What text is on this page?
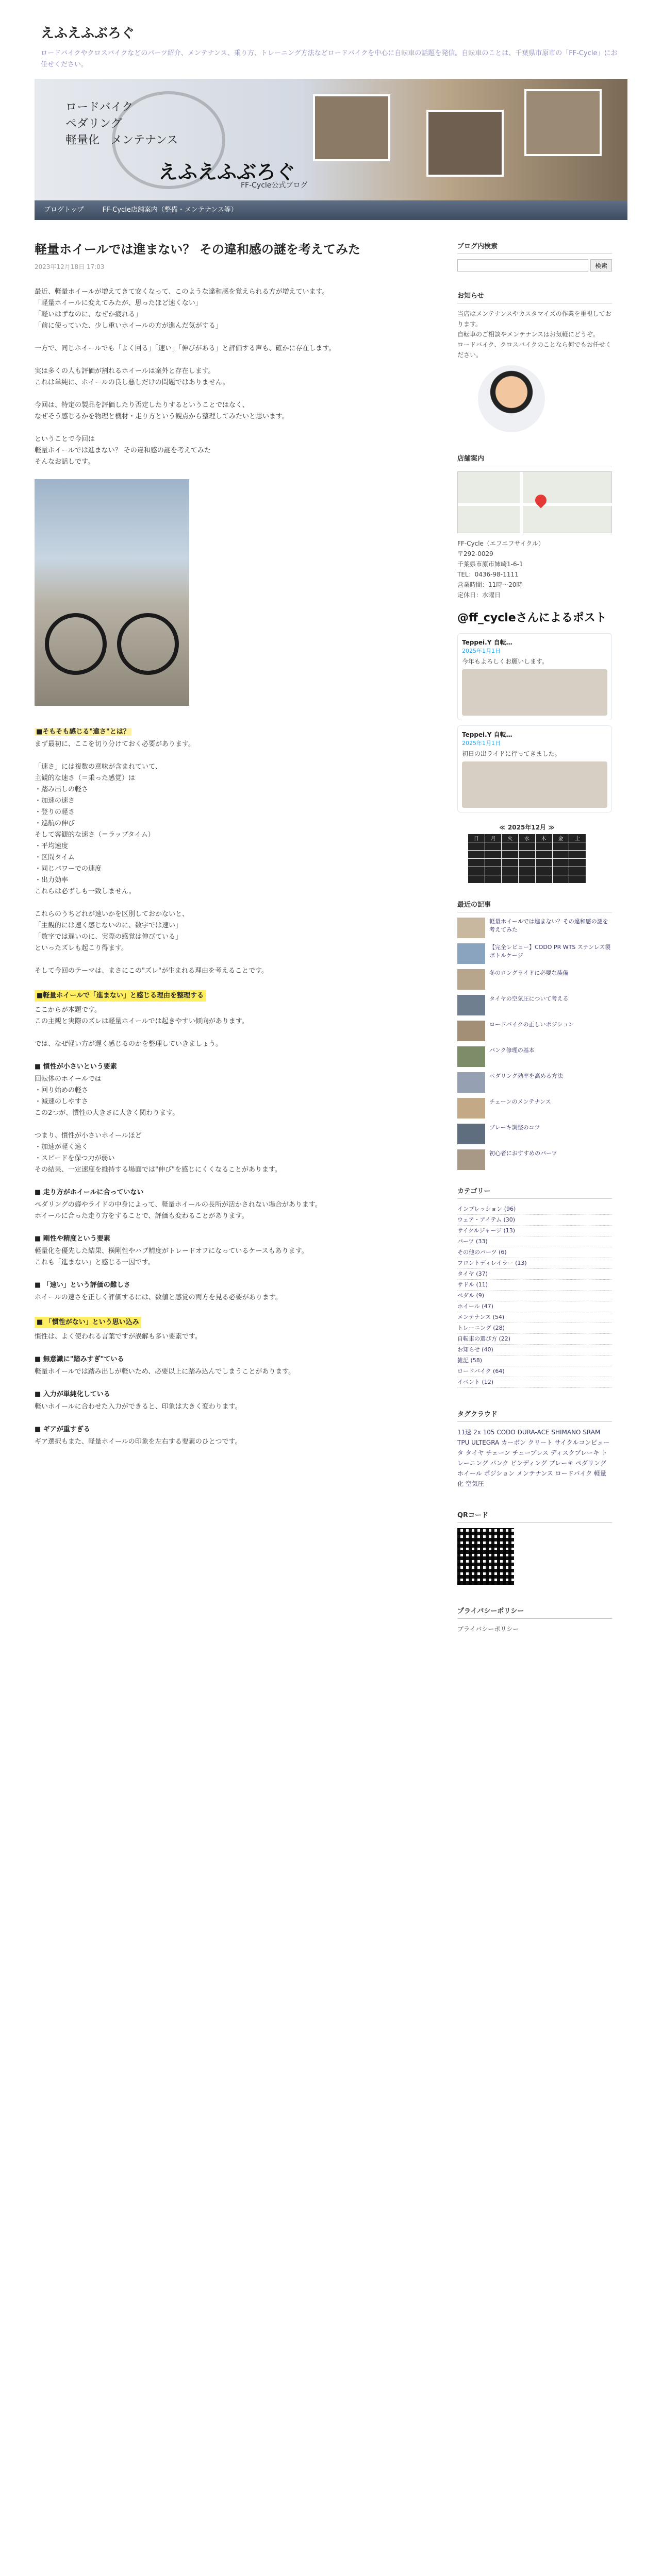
えふえふぶろぐ
ロードバイクやクロスバイクなどのパーツ紹介、メンテナンス、乗り方、トレーニング方法などロードバイクを中心に自転車の話題を発信。自転車のことは、千葉県市原市の「FF-Cycle」にお任せください。
ロードバイク
ペダリング
軽量化　メンテナンス
えふえふぶろぐ
FF-Cycle公式ブログ
ブログトップ	FF-Cycle店舗案内（整備・メンテナンス等）
軽量ホイールでは進まない？ その違和感の謎を考えてみた
2023年12月18日 17:03
最近、軽量ホイールが増えてきて安くなって、このような違和感を覚えられる方が増えています。
「軽量ホイールに変えてみたが、思ったほど速くない」
「軽いはずなのに、なぜか疲れる」
「前に使っていた、少し重いホイールの方が進んだ気がする」

一方で、同じホイールでも「よく回る」「速い」「伸びがある」と評価する声も、確かに存在します。

実は多くの人も評価が割れるホイールは案外と存在します。
これは単純に、ホイールの良し悪しだけの問題ではありません。

今回は、特定の製品を評価したり否定したりするということではなく、
なぜそう感じるかを物理と機材・走り方という観点から整理してみたいと思います。

ということで今回は
軽量ホイールでは進まない？ その違和感の謎を考えてみた
そんなお話しです。
■そもそも感じる"違さ"とは？
まず最初に、ここを切り分けておく必要があります。

「速さ」には複数の意味が含まれていて、
主観的な速さ（＝乗った感覚）は
・踏み出しの軽さ
・加速の速さ
・登りの軽さ
・巡航の伸び
そして客観的な速さ（＝ラップタイム）
・平均速度
・区間タイム
・同じパワーでの速度
・出力効率
これらは必ずしも一致しません。

これらのうちどれが速いかを区別しておかないと、
「主観的には速く感じないのに、数字では速い」
「数字では遅いのに、実際の感覚は伸びている」
といったズレも起こり得ます。

そして今回のテーマは、まさにこの"ズレ"が生まれる理由を考えることです。
■軽量ホイールで「進まない」と感じる理由を整理する
ここからが本題です。
この主観と実際のズレは軽量ホイールでは起きやすい傾向があります。

では、なぜ軽い方が遅く感じるのかを整理していきましょう。
■ 慣性が小さいという要素
回転体のホイールでは
・回り始めの軽さ
・減速のしやすさ
この2つが、慣性の大きさに大きく関わります。

つまり、慣性が小さいホイールほど
・加速が軽く速く
・スピードを保つ力が弱い
その結果、一定速度を維持する場面では"伸び"を感じにくくなることがあります。
■ 走り方がホイールに合っていない
ペダリングの癖やライドの中身によって、軽量ホイールの長所が活かされない場合があります。
ホイールに合った走り方をすることで、評価も変わることがあります。
■ 剛性や精度という要素
軽量化を優先した結果、横剛性やハブ精度がトレードオフになっているケースもあります。
これも「進まない」と感じる一因です。
■ 「速い」という評価の難しさ
ホイールの速さを正しく評価するには、数値と感覚の両方を見る必要があります。
■ 「慣性がない」という思い込み
慣性は、よく使われる言葉ですが誤解も多い要素です。
■ 無意識に"踏みすぎ"ている
軽量ホイールでは踏み出しが軽いため、必要以上に踏み込んでしまうことがあります。
■ 入力が単純化している
軽いホイールに合わせた入力ができると、印象は大きく変わります。
■ ギアが重すぎる
ギア選択もまた、軽量ホイールの印象を左右する要素のひとつです。
ブログ内検索
検索
お知らせ
当店はメンテナンスやカスタマイズの作業を重視しております。
自転車のご相談やメンテナンスはお気軽にどうぞ。
ロードバイク、クロスバイクのことなら何でもお任せください。
店舗案内
FF-Cycle（エフエフサイクル）
〒292-0029
千葉県市原市姉崎1-6-1
TEL：0436-98-1111
営業時間：11時～20時
定休日：水曜日
@ff_cycleさんによるポスト
Teppei.Y 自転…
2025年1月1日
今年もよろしくお願いします。
Teppei.Y 自転…
2025年1月1日
初日の出ライドに行ってきました。
≪ 2025年12月 ≫
日	月	火	水	木	金	土

最近の記事
軽量ホイールでは進まない？その違和感の謎を考えてみた
【完全レビュー】CODO PR WTS ステンレス製ボトルケージ
冬のロングライドに必要な装備
タイヤの空気圧について考える
ロードバイクの正しいポジション
パンク修理の基本
ペダリング効率を高める方法
チェーンのメンテナンス
ブレーキ調整のコツ
初心者におすすめのパーツ
カテゴリー
インプレッション (96)
ウェア・アイテム (30)
サイクルジャージ (13)
パーツ (33)
その他のパーツ (6)
フロントディレイラー (13)
タイヤ (37)
サドル (11)
ペダル (9)
ホイール (47)
メンテナンス (54)
トレーニング (28)
自転車の選び方 (22)
お知らせ (40)
雑記 (58)
ロードバイク (64)
イベント (12)
タグクラウド
11速 2x 105 CODO DURA-ACE SHIMANO SRAM TPU ULTEGRA カーボン クリート サイクルコンピュータ タイヤ チェーン チューブレス ディスクブレーキ トレーニング パンク ビンディング ブレーキ ペダリング ホイール ポジション メンテナンス ロードバイク 軽量化 空気圧
QRコード
プライバシーポリシー
プライバシーポリシー
